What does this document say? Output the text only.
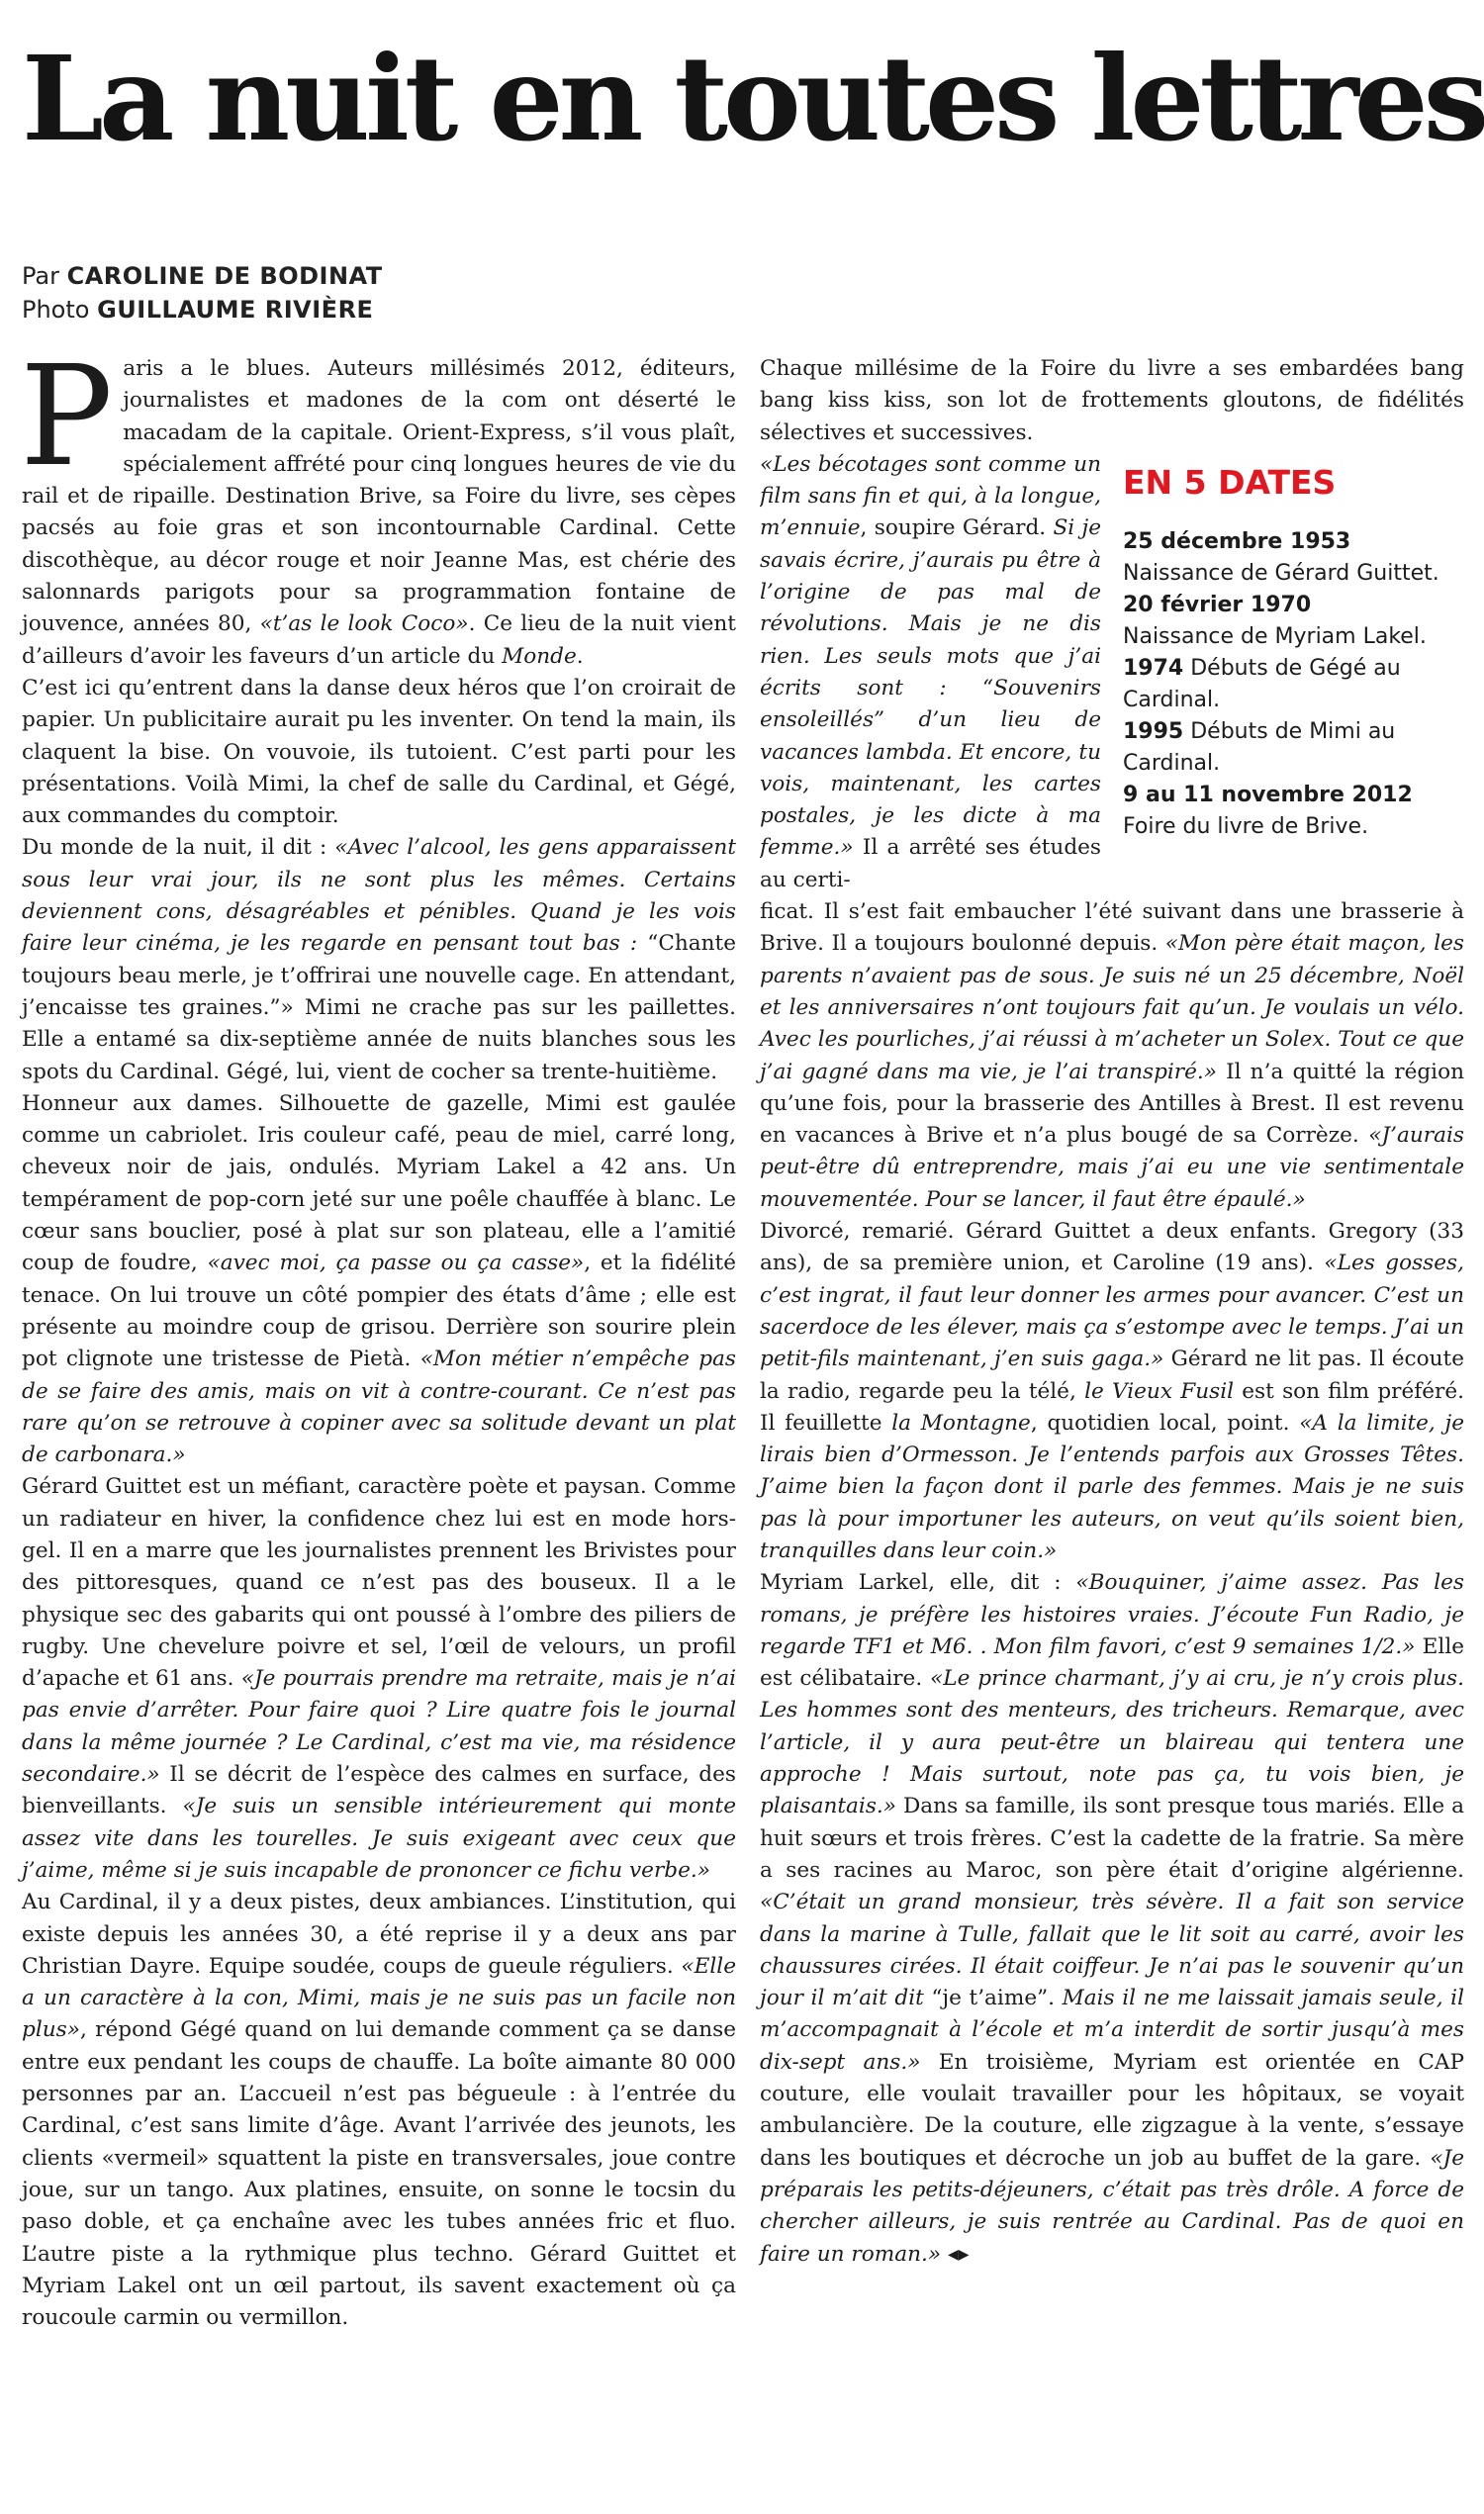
La nuit en toutes lettres
Par CAROLINE DE BODINAT
Photo GUILLAUME RIVIÈRE
P aris a le blues. Auteurs millésimés 2012, éditeurs, journalistes et madones de la com ont déserté le macadam de la capitale. Orient-Express, s’il vous plaît, spécialement affrété pour cinq longues heures de vie du rail et de ripaille. Destination Brive, sa Foire du livre, ses cèpes pacsés au foie gras et son incontournable Cardinal. Cette discothèque, au décor rouge et noir Jeanne Mas, est chérie des salonnards parigots pour sa programmation fontaine de jouvence, années 80, «t’as le look Coco». Ce lieu de la nuit vient d’ailleurs d’avoir les faveurs d’un article du Monde.

C’est ici qu’entrent dans la danse deux héros que l’on croirait de papier. Un publicitaire aurait pu les inventer. On tend la main, ils claquent la bise. On vouvoie, ils tutoient. C’est parti pour les présentations. Voilà Mimi, la chef de salle du Cardinal, et Gégé, aux commandes du comptoir.

Du monde de la nuit, il dit : «Avec l’alcool, les gens apparaissent sous leur vrai jour, ils ne sont plus les mêmes. Certains deviennent cons, désagréables et pénibles. Quand je les vois faire leur cinéma, je les regarde en pensant tout bas : “Chante toujours beau merle, je t’offrirai une nouvelle cage. En attendant, j’encaisse tes graines.”» Mimi ne crache pas sur les paillettes. Elle a entamé sa dix-septième année de nuits blanches sous les spots du Cardinal. Gégé, lui, vient de cocher sa trente-huitième.

Honneur aux dames. Silhouette de gazelle, Mimi est gaulée comme un cabriolet. Iris couleur café, peau de miel, carré long, cheveux noir de jais, ondulés. Myriam Lakel a 42 ans. Un tempérament de pop-corn jeté sur une poêle chauffée à blanc. Le cœur sans bouclier, posé à plat sur son plateau, elle a l’amitié coup de foudre, «avec moi, ça passe ou ça casse», et la fidélité tenace. On lui trouve un côté pompier des états d’âme ; elle est présente au moindre coup de grisou. Derrière son sourire plein pot clignote une tristesse de Pietà. «Mon métier n’empêche pas de se faire des amis, mais on vit à contre-courant. Ce n’est pas rare qu’on se retrouve à copiner avec sa solitude devant un plat de carbonara.»

Gérard Guittet est un méfiant, caractère poète et paysan. Comme un radiateur en hiver, la confidence chez lui est en mode hors-gel. Il en a marre que les journalistes prennent les Brivistes pour des pittoresques, quand ce n’est pas des bouseux. Il a le physique sec des gabarits qui ont poussé à l’ombre des piliers de rugby. Une chevelure poivre et sel, l’œil de velours, un profil d’apache et 61 ans. «Je pourrais prendre ma retraite, mais je n’ai pas envie d’arrêter. Pour faire quoi ? Lire quatre fois le journal dans la même journée ? Le Cardinal, c’est ma vie, ma résidence secondaire.» Il se décrit de l’espèce des calmes en surface, des bienveillants. «Je suis un sensible intérieurement qui monte assez vite dans les tourelles. Je suis exigeant avec ceux que j’aime, même si je suis incapable de prononcer ce fichu verbe.»

Au Cardinal, il y a deux pistes, deux ambiances. L’institution, qui existe depuis les années 30, a été reprise il y a deux ans par Christian Dayre. Equipe soudée, coups de gueule réguliers. «Elle a un caractère à la con, Mimi, mais je ne suis pas un facile non plus», répond Gégé quand on lui demande comment ça se danse entre eux pendant les coups de chauffe. La boîte aimante 80 000 personnes par an. L’accueil n’est pas bégueule : à l’entrée du Cardinal, c’est sans limite d’âge. Avant l’arrivée des jeunots, les clients «vermeil» squattent la piste en transversales, joue contre joue, sur un tango. Aux platines, ensuite, on sonne le tocsin du paso doble, et ça enchaîne avec les tubes années fric et fluo. L’autre piste a la rythmique plus techno. Gérard Guittet et Myriam Lakel ont un œil partout, ils savent exactement où ça roucoule carmin ou vermillon.

Chaque millésime de la Foire du livre a ses embardées bang bang kiss kiss, son lot de frottements gloutons, de fidélités sélectives et successives.

EN 5 DATES
25 décembre 1953
Naissance de Gérard Guittet.
20 février 1970
Naissance de Myriam Lakel.
1974 Débuts de Gégé au Cardinal.
1995 Débuts de Mimi au Cardinal.
9 au 11 novembre 2012
Foire du livre de Brive.

«Les bécotages sont comme un film sans fin et qui, à la longue, m’ennuie, soupire Gérard. Si je savais écrire, j’aurais pu être à l’origine de pas mal de révolutions. Mais je ne dis rien. Les seuls mots que j’ai écrits sont : “Souvenirs ensoleillés” d’un lieu de vacances lambda. Et encore, tu vois, maintenant, les cartes postales, je les dicte à ma femme.» Il a arrêté ses études au certi-

ficat. Il s’est fait embaucher l’été suivant dans une brasserie à Brive. Il a toujours boulonné depuis. «Mon père était maçon, les parents n’avaient pas de sous. Je suis né un 25 décembre, Noël et les anniversaires n’ont toujours fait qu’un. Je voulais un vélo. Avec les pourliches, j’ai réussi à m’acheter un Solex. Tout ce que j’ai gagné dans ma vie, je l’ai transpiré.» Il n’a quitté la région qu’une fois, pour la brasserie des Antilles à Brest. Il est revenu en vacances à Brive et n’a plus bougé de sa Corrèze. «J’aurais peut-être dû entreprendre, mais j’ai eu une vie sentimentale mouvementée. Pour se lancer, il faut être épaulé.»

Divorcé, remarié. Gérard Guittet a deux enfants. Gregory (33 ans), de sa première union, et Caroline (19 ans). «Les gosses, c’est ingrat, il faut leur donner les armes pour avancer. C’est un sacerdoce de les élever, mais ça s’estompe avec le temps. J’ai un petit-fils maintenant, j’en suis gaga.» Gérard ne lit pas. Il écoute la radio, regarde peu la télé, le Vieux Fusil est son film préféré. Il feuillette la Montagne, quotidien local, point. «A la limite, je lirais bien d’Ormesson. Je l’entends parfois aux Grosses Têtes. J’aime bien la façon dont il parle des femmes. Mais je ne suis pas là pour importuner les auteurs, on veut qu’ils soient bien, tranquilles dans leur coin.»

Myriam Larkel, elle, dit : «Bouquiner, j’aime assez. Pas les romans, je préfère les histoires vraies. J’écoute Fun Radio, je regarde TF1 et M6. . Mon film favori, c’est 9 semaines 1/2.» Elle est célibataire. «Le prince charmant, j’y ai cru, je n’y crois plus. Les hommes sont des menteurs, des tricheurs. Remarque, avec l’article, il y aura peut-être un blaireau qui tentera une approche ! Mais surtout, note pas ça, tu vois bien, je plaisantais.» Dans sa famille, ils sont presque tous mariés. Elle a huit sœurs et trois frères. C’est la cadette de la fratrie. Sa mère a ses racines au Maroc, son père était d’origine algérienne. «C’était un grand monsieur, très sévère. Il a fait son service dans la marine à Tulle, fallait que le lit soit au carré, avoir les chaussures cirées. Il était coiffeur. Je n’ai pas le souvenir qu’un jour il m’ait dit “je t’aime”. Mais il ne me laissait jamais seule, il m’accompagnait à l’école et m’a interdit de sortir jusqu’à mes dix-sept ans.» En troisième, Myriam est orientée en CAP couture, elle voulait travailler pour les hôpitaux, se voyait ambulancière. De la couture, elle zigzague à la vente, s’essaye dans les boutiques et décroche un job au buffet de la gare. «Je préparais les petits-déjeuners, c’était pas très drôle. A force de chercher ailleurs, je suis rentrée au Cardinal. Pas de quoi en faire un roman.» ◂▸
